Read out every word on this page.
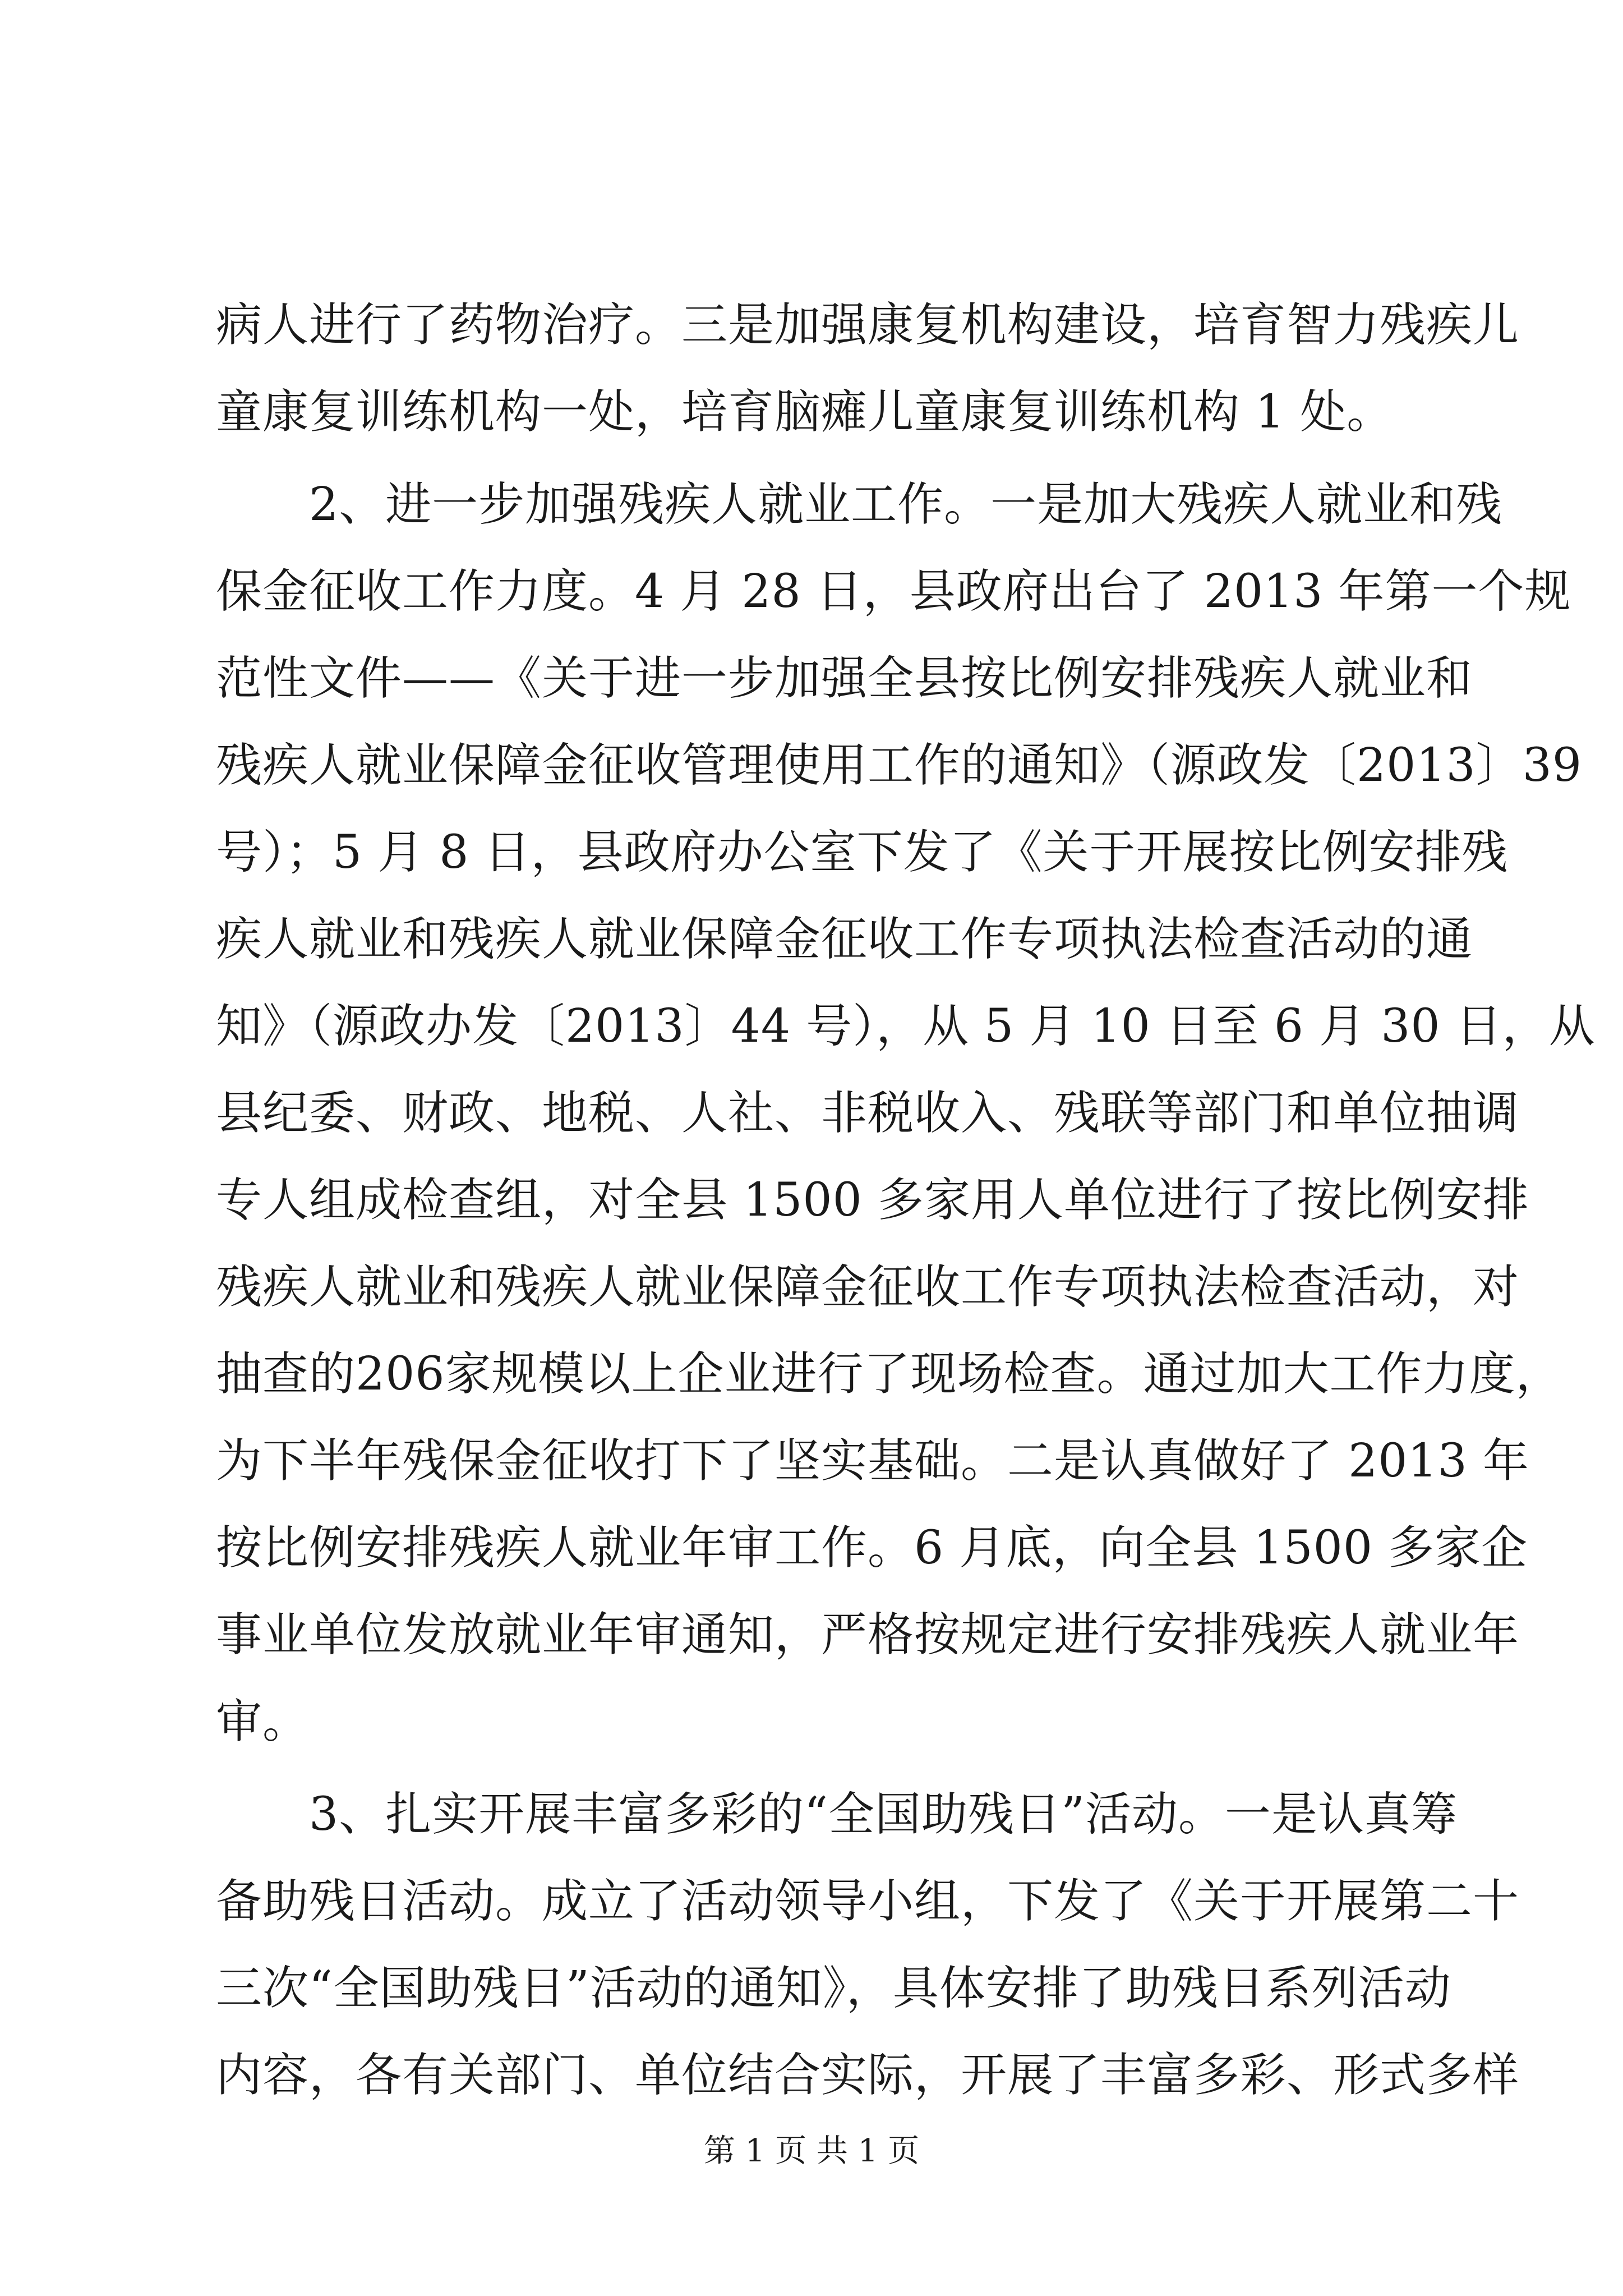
病人进行了药物治疗。三是加强康复机构建设，培育智力残疾儿
童康复训练机构一处，培育脑瘫儿童康复训练机构 1 处。
　　2、进一步加强残疾人就业工作。一是加大残疾人就业和残
保金征收工作力度。4 月 28 日，县政府出台了 2013 年第一个规
范性文件——《关于进一步加强全县按比例安排残疾人就业和
残疾人就业保障金征收管理使用工作的通知》（源政发〔2013〕39
号）；5 月 8 日，县政府办公室下发了《关于开展按比例安排残
疾人就业和残疾人就业保障金征收工作专项执法检查活动的通
知》（源政办发〔2013〕44 号），从 5 月 10 日至 6 月 30 日，从
县纪委、财政、地税、人社、非税收入、残联等部门和单位抽调
专人组成检查组，对全县 1500 多家用人单位进行了按比例安排
残疾人就业和残疾人就业保障金征收工作专项执法检查活动，对
抽查的206家规模以上企业进行了现场检查。通过加大工作力度，
为下半年残保金征收打下了坚实基础。二是认真做好了 2013 年
按比例安排残疾人就业年审工作。6 月底，向全县 1500 多家企
事业单位发放就业年审通知，严格按规定进行安排残疾人就业年
审。
　　3、扎实开展丰富多彩的“全国助残日”活动。一是认真筹
备助残日活动。成立了活动领导小组，下发了《关于开展第二十
三次“全国助残日”活动的通知》，具体安排了助残日系列活动
内容，各有关部门、单位结合实际，开展了丰富多彩、形式多样
第 1 页 共 1 页
